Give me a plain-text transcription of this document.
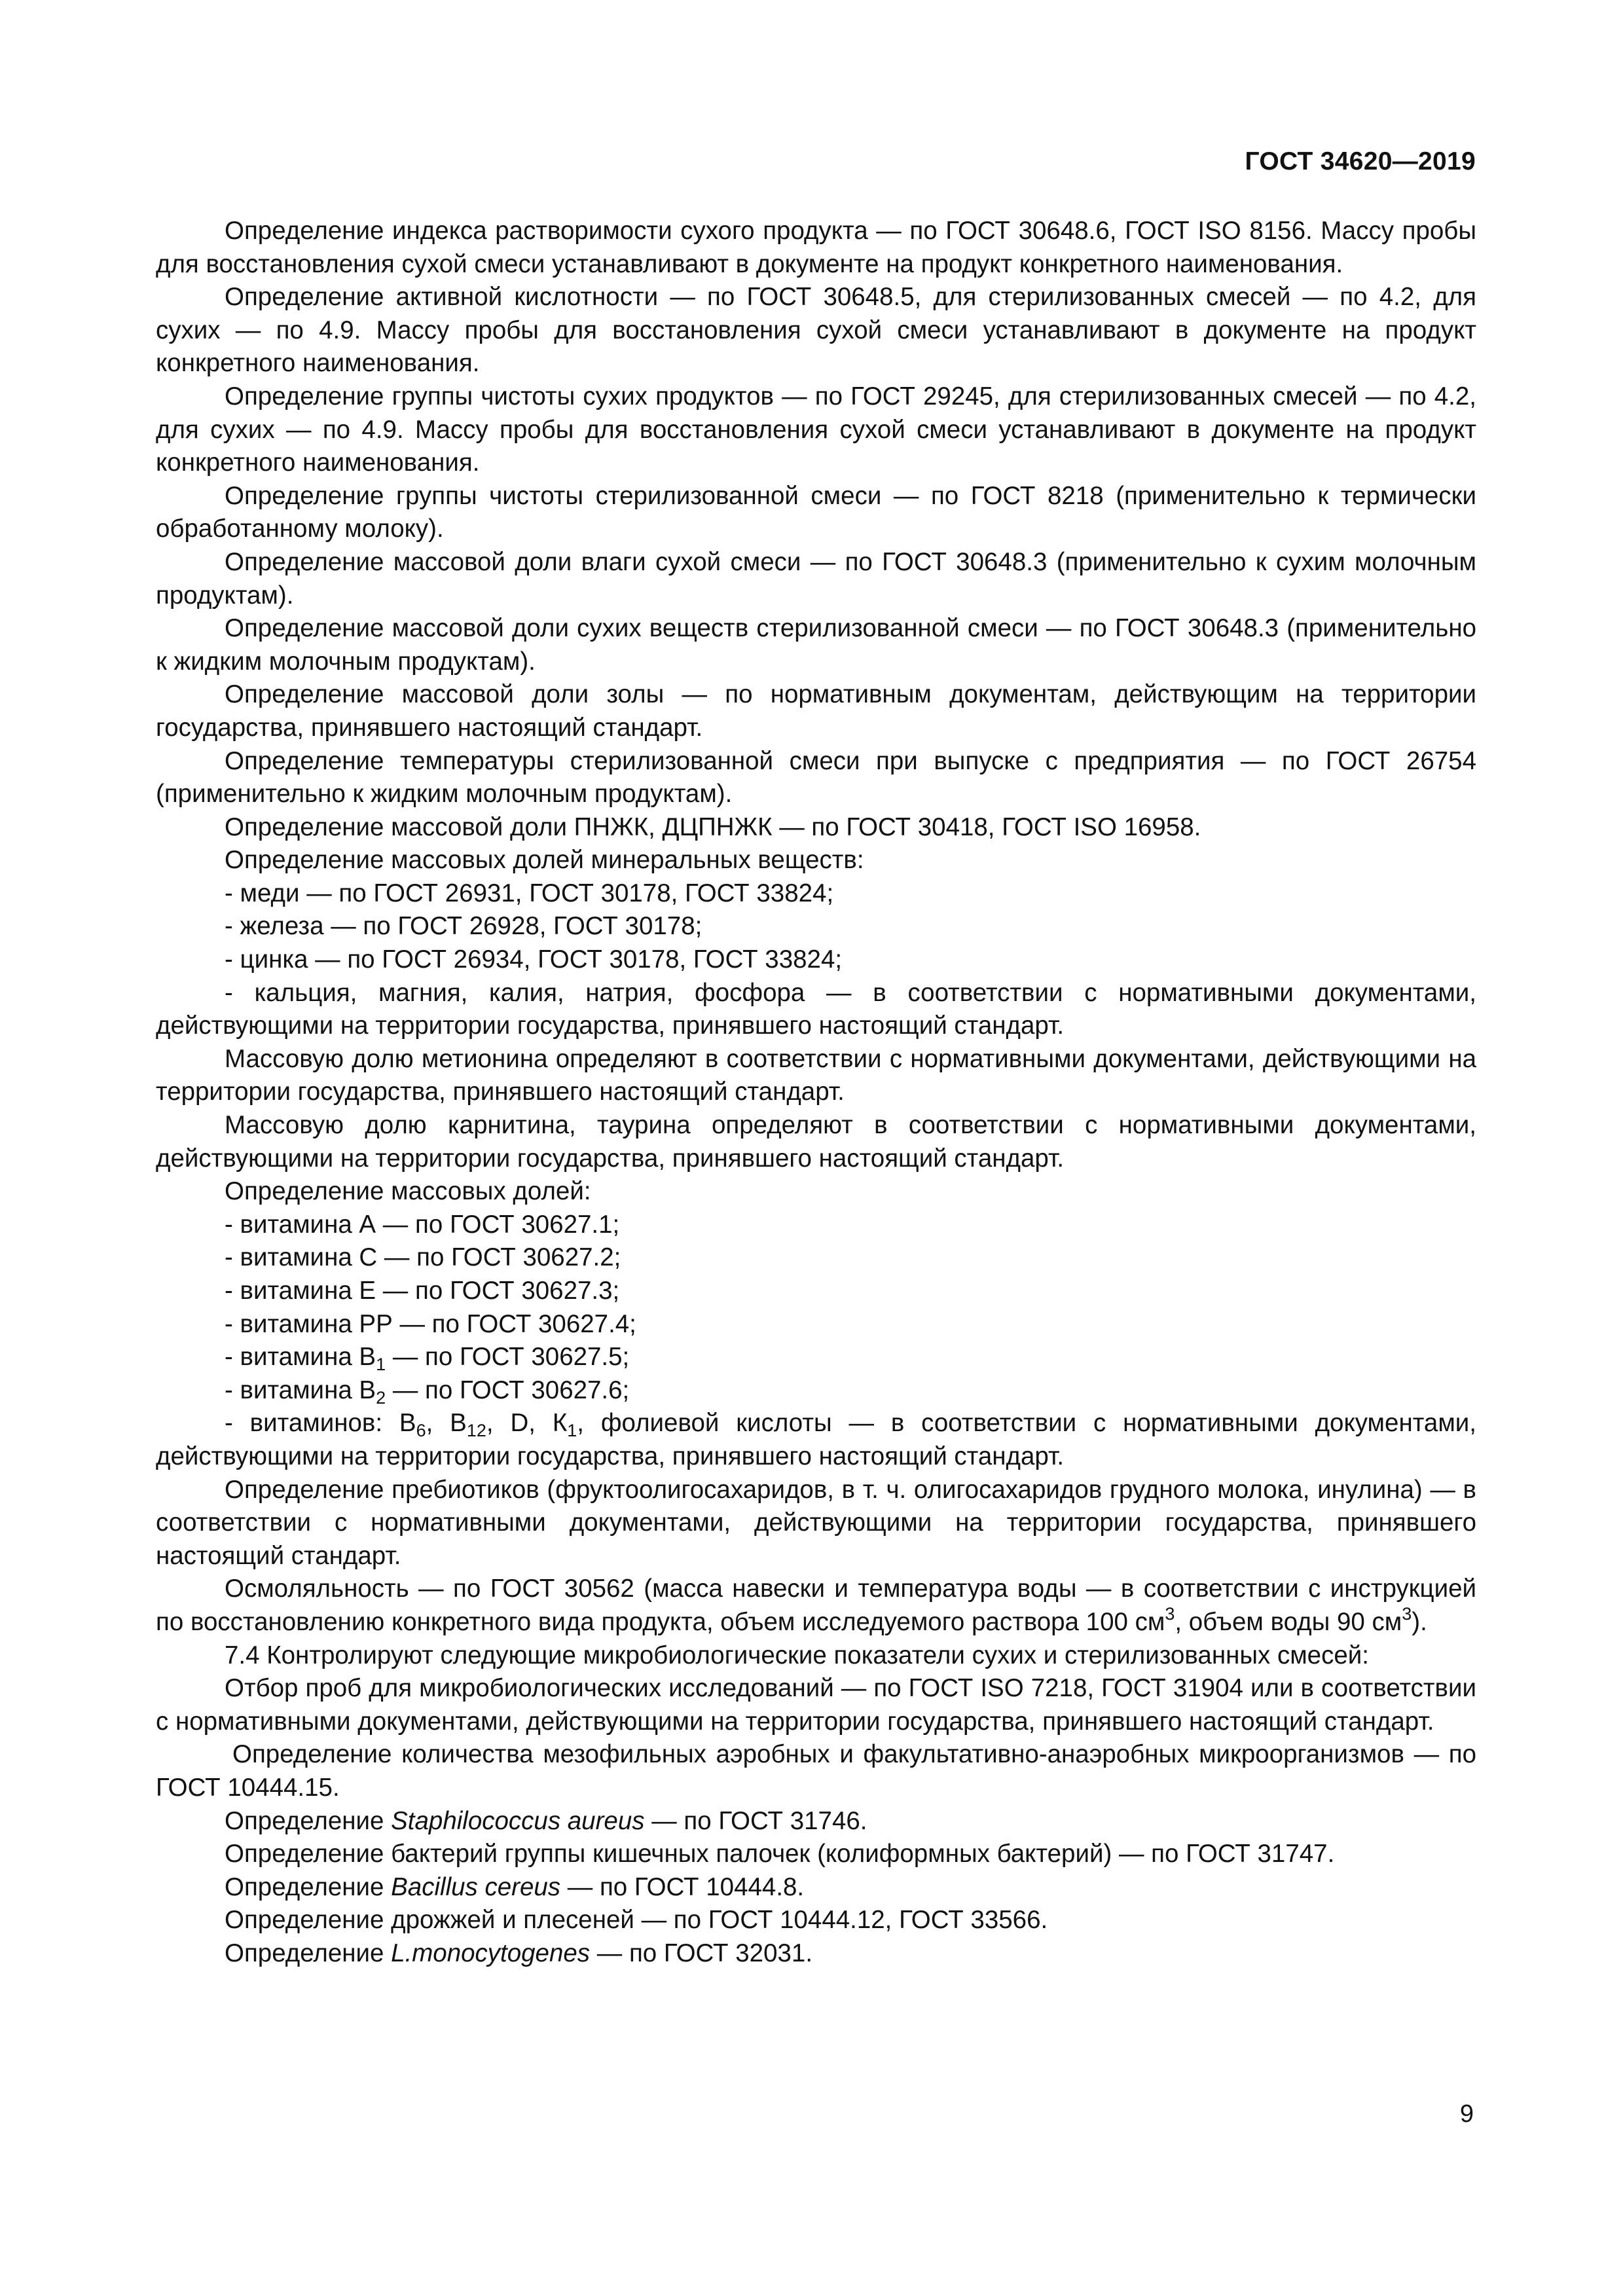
ГОСТ 34620—2019

Определение индекса растворимости сухого продукта — по ГОСТ 30648.6, ГОСТ ISO 8156. Массу пробы для восстановления сухой смеси устанавливают в документе на продукт конкретного наименования.

Определение активной кислотности — по ГОСТ 30648.5, для стерилизованных смесей — по 4.2, для сухих — по 4.9. Массу пробы для восстановления сухой смеси устанавливают в документе на продукт конкретного наименования.

Определение группы чистоты сухих продуктов — по ГОСТ 29245, для стерилизованных смесей — по 4.2, для сухих — по 4.9. Массу пробы для восстановления сухой смеси устанавливают в документе на продукт конкретного наименования.

Определение группы чистоты стерилизованной смеси — по ГОСТ 8218 (применительно к термически обработанному молоку).

Определение массовой доли влаги сухой смеси — по ГОСТ 30648.3 (применительно к сухим молочным продуктам).

Определение массовой доли сухих веществ стерилизованной смеси — по ГОСТ 30648.3 (применительно к жидким молочным продуктам).

Определение массовой доли золы — по нормативным документам, действующим на территории государства, принявшего настоящий стандарт.

Определение температуры стерилизованной смеси при выпуске с предприятия — по ГОСТ 26754 (применительно к жидким молочным продуктам).

Определение массовой доли ПНЖК, ДЦПНЖК — по ГОСТ 30418, ГОСТ ISO 16958.

Определение массовых долей минеральных веществ:

- меди — по ГОСТ 26931, ГОСТ 30178, ГОСТ 33824;

- железа — по ГОСТ 26928, ГОСТ 30178;

- цинка — по ГОСТ 26934, ГОСТ 30178, ГОСТ 33824;

- кальция, магния, калия, натрия, фосфора — в соответствии с нормативными документами, действующими на территории государства, принявшего настоящий стандарт.

Массовую долю метионина определяют в соответствии с нормативными документами, действующими на территории государства, принявшего настоящий стандарт.

Массовую долю карнитина, таурина определяют в соответствии с нормативными документами, действующими на территории государства, принявшего настоящий стандарт.

Определение массовых долей:

- витамина А — по ГОСТ 30627.1;

- витамина С — по ГОСТ 30627.2;

- витамина Е — по ГОСТ 30627.3;

- витамина РР — по ГОСТ 30627.4;

- витамина $В_1$ — по ГОСТ 30627.5;

- витамина $В_2$ — по ГОСТ 30627.6;

- витаминов: $В_6$, $В_{12}$, D, $К_1$, фолиевой кислоты — в соответствии с нормативными документами, действующими на территории государства, принявшего настоящий стандарт.

Определение пребиотиков (фруктоолигосахаридов, в т. ч. олигосахаридов грудного молока, инулина) — в соответствии с нормативными документами, действующими на территории государства, принявшего настоящий стандарт.

Осмоляльность — по ГОСТ 30562 (масса навески и температура воды — в соответствии с инструкцией по восстановлению конкретного вида продукта, объем исследуемого раствора 100 $см^3$, объем воды 90 $см^3$).

7.4 Контролируют следующие микробиологические показатели сухих и стерилизованных смесей:

Отбор проб для микробиологических исследований — по ГОСТ ISO 7218, ГОСТ 31904 или в соответствии с нормативными документами, действующими на территории государства, принявшего настоящий стандарт.

Определение количества мезофильных аэробных и факультативно-анаэробных микроорганизмов — по ГОСТ 10444.15.

Определение Staphilococcus aureus — по ГОСТ 31746.

Определение бактерий группы кишечных палочек (колиформных бактерий) — по ГОСТ 31747.

Определение Bacillus cereus — по ГОСТ 10444.8.

Определение дрожжей и плесеней — по ГОСТ 10444.12, ГОСТ 33566.

Определение L.monocytogenes — по ГОСТ 32031.

9
